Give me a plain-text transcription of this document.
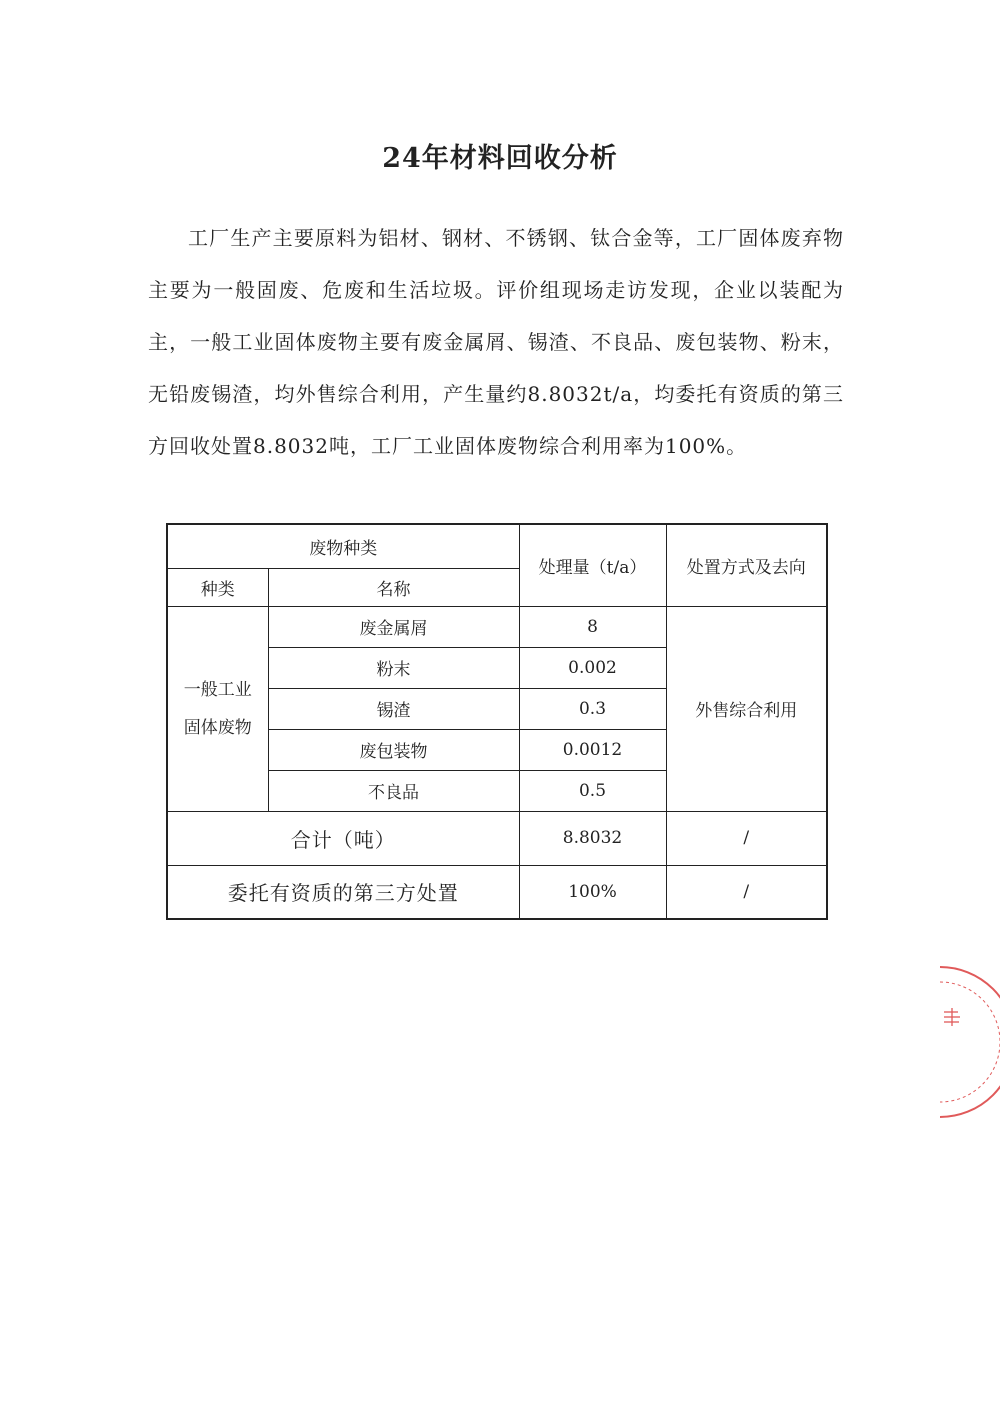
24年材料回收分析
工厂生产主要原料为铝材、钢材、不锈钢、钛合金等，工厂固体废弃物主要为一般固废、危废和生活垃圾。评价组现场走访发现，企业以装配为主，一般工业固体废物主要有废金属屑、锡渣、不良品、废包装物、粉末，无铅废锡渣，均外售综合利用，产生量约8.8032t/a，均委托有资质的第三方回收处置8.8032吨，工厂工业固体废物综合利用率为100%。
废物种类		处理量（t/a）	处置方式及去向
种类	名称		
一般工业固体废物	废金属屑	8	外售综合利用
	粉末	0.002	
	锡渣	0.3	
	废包装物	0.0012	
	不良品	0.5	
合计（吨）		8.8032	/
委托有资质的第三方处置		100%	/
